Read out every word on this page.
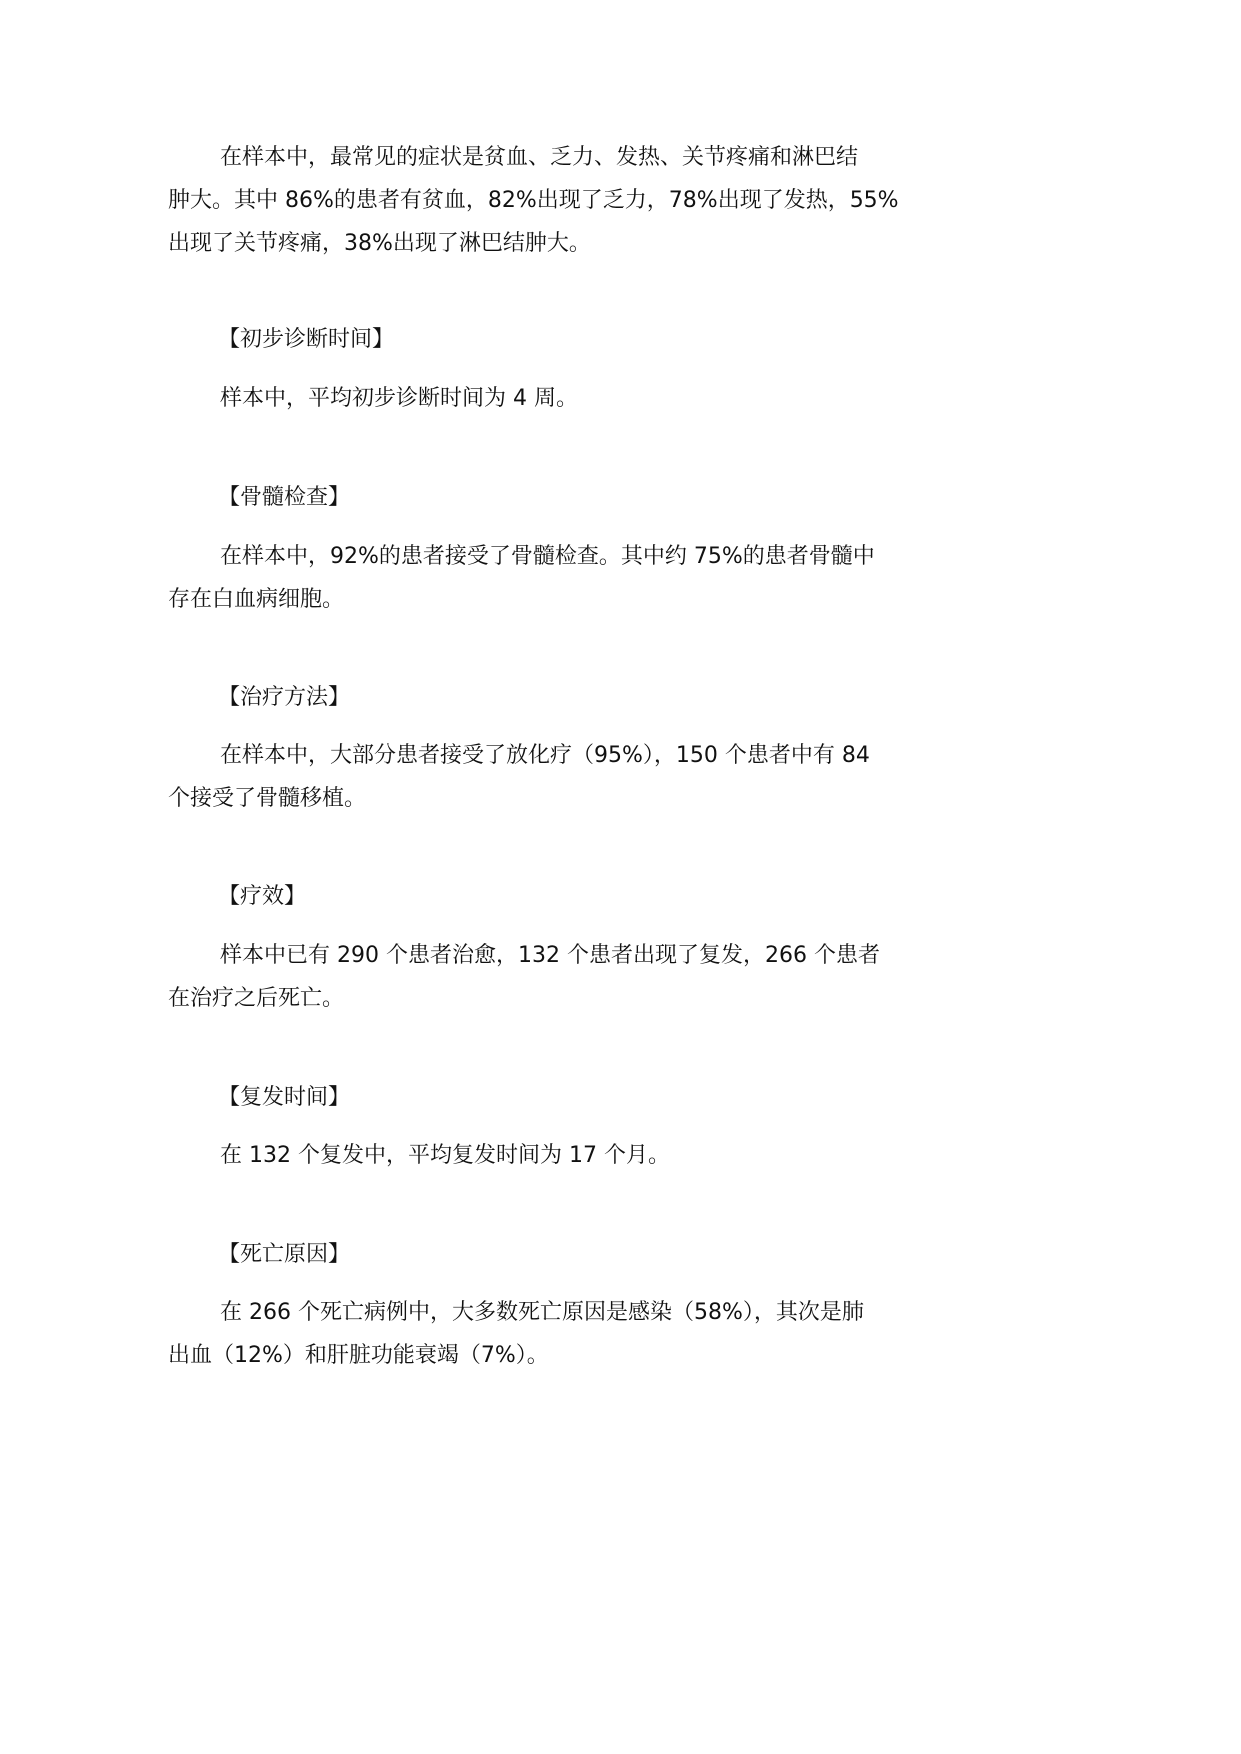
在样本中，最常见的症状是贫血、乏力、发热、关节疼痛和淋巴结
肿大。其中 86%的患者有贫血，82%出现了乏力，78%出现了发热，55%
出现了关节疼痛，38%出现了淋巴结肿大。
【初步诊断时间】
样本中，平均初步诊断时间为 4 周。
【骨髓检查】
在样本中，92%的患者接受了骨髓检查。其中约 75%的患者骨髓中
存在白血病细胞。
【治疗方法】
在样本中，大部分患者接受了放化疗（95%），150 个患者中有 84
个接受了骨髓移植。
【疗效】
样本中已有 290 个患者治愈，132 个患者出现了复发，266 个患者
在治疗之后死亡。
【复发时间】
在 132 个复发中，平均复发时间为 17 个月。
【死亡原因】
在 266 个死亡病例中，大多数死亡原因是感染（58%），其次是肺
出血（12%）和肝脏功能衰竭（7%）。
